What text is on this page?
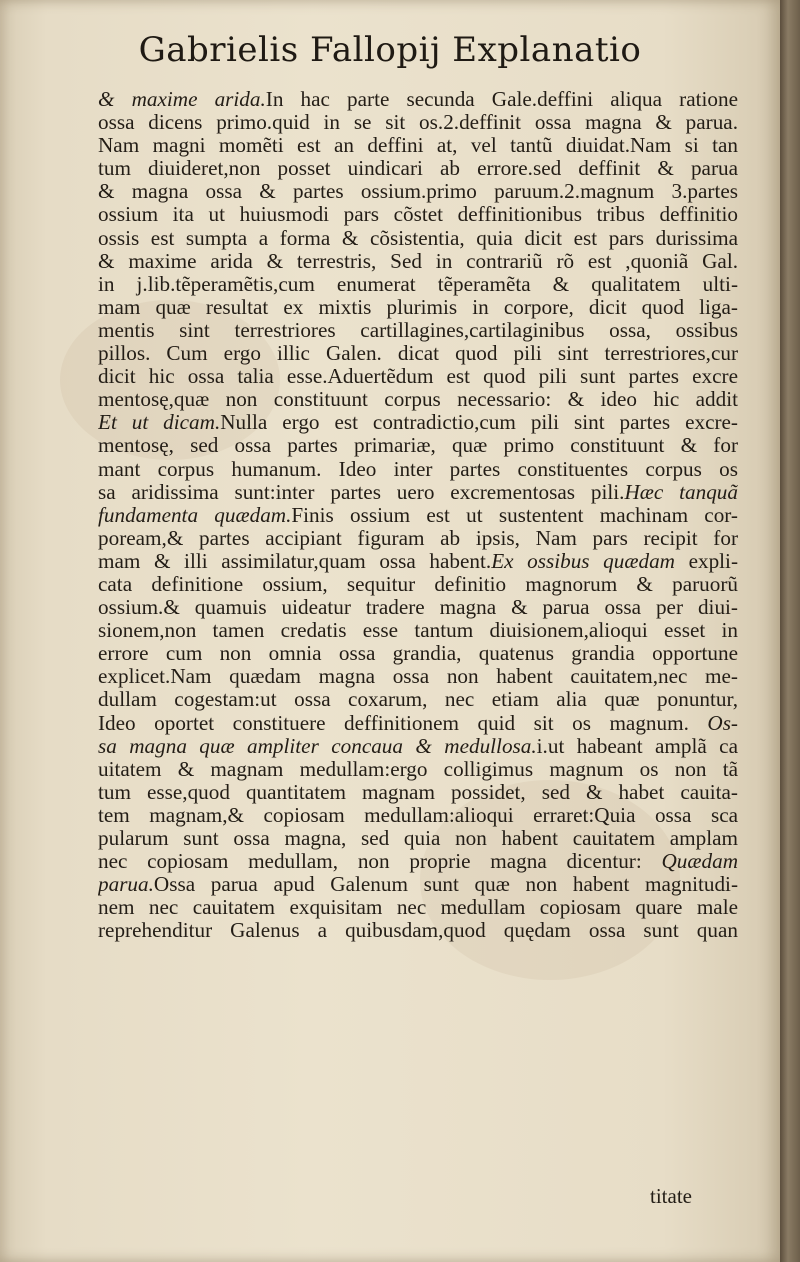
Gabrielis Fallopij Explanatio
& maxime arida.In hac parte secunda Gale.deffini aliqua ratione
ossa dicens primo.quid in se sit os.2.deffinit ossa magna & parua.
Nam magni momẽti est an deffini at, vel tantũ diuidat.Nam si tan
tum diuideret,non posset uindicari ab errore.sed deffinit & parua
& magna ossa & partes ossium.primo paruum.2.magnum 3.partes
ossium ita ut huiusmodi pars cõstet deffinitionibus tribus deffinitio
ossis est sumpta a forma & cõsistentia, quia dicit est pars durissima
& maxime arida & terrestris, Sed in contrariũ rõ est ,quoniã Gal.
in j.lib.tẽperamẽtis,cum enumerat tẽperamẽta & qualitatem ulti-
mam quæ resultat ex mixtis plurimis in corpore, dicit quod liga-
mentis sint terrestriores cartillagines,cartilaginibus ossa, ossibus
pillos. Cum ergo illic Galen. dicat quod pili sint terrestriores,cur
dicit hic ossa talia esse.Aduertẽdum est quod pili sunt partes excre
mentosę,quæ non constituunt corpus necessario: & ideo hic addit
Et ut dicam.Nulla ergo est contradictio,cum pili sint partes excre-
mentosę, sed ossa partes primariæ, quæ primo constituunt & for
mant corpus humanum. Ideo inter partes constituentes corpus os
sa aridissima sunt:inter partes uero excrementosas pili.Hæc tanquã
fundamenta quædam.Finis ossium est ut sustentent machinam cor-
poream,& partes accipiant figuram ab ipsis, Nam pars recipit for
mam & illi assimilatur,quam ossa habent.Ex ossibus quædam expli-
cata definitione ossium, sequitur definitio magnorum & paruorũ
ossium.& quamuis uideatur tradere magna & parua ossa per diui-
sionem,non tamen credatis esse tantum diuisionem,alioqui esset in
errore cum non omnia ossa grandia, quatenus grandia opportune
explicet.Nam quædam magna ossa non habent cauitatem,nec me-
dullam cogestam:ut ossa coxarum, nec etiam alia quæ ponuntur,
Ideo oportet constituere deffinitionem quid sit os magnum. Os-
sa magna quæ ampliter concaua & medullosa.i.ut habeant amplã ca
uitatem & magnam medullam:ergo colligimus magnum os non tã
tum esse,quod quantitatem magnam possidet, sed & habet cauita-
tem magnam,& copiosam medullam:alioqui erraret:Quia ossa sca
pularum sunt ossa magna, sed quia non habent cauitatem amplam
nec copiosam medullam, non proprie magna dicentur: Quædam
parua.Ossa parua apud Galenum sunt quæ non habent magnitudi-
nem nec cauitatem exquisitam nec medullam copiosam quare male
reprehenditur Galenus a quibusdam,quod quędam ossa sunt quan
titate
